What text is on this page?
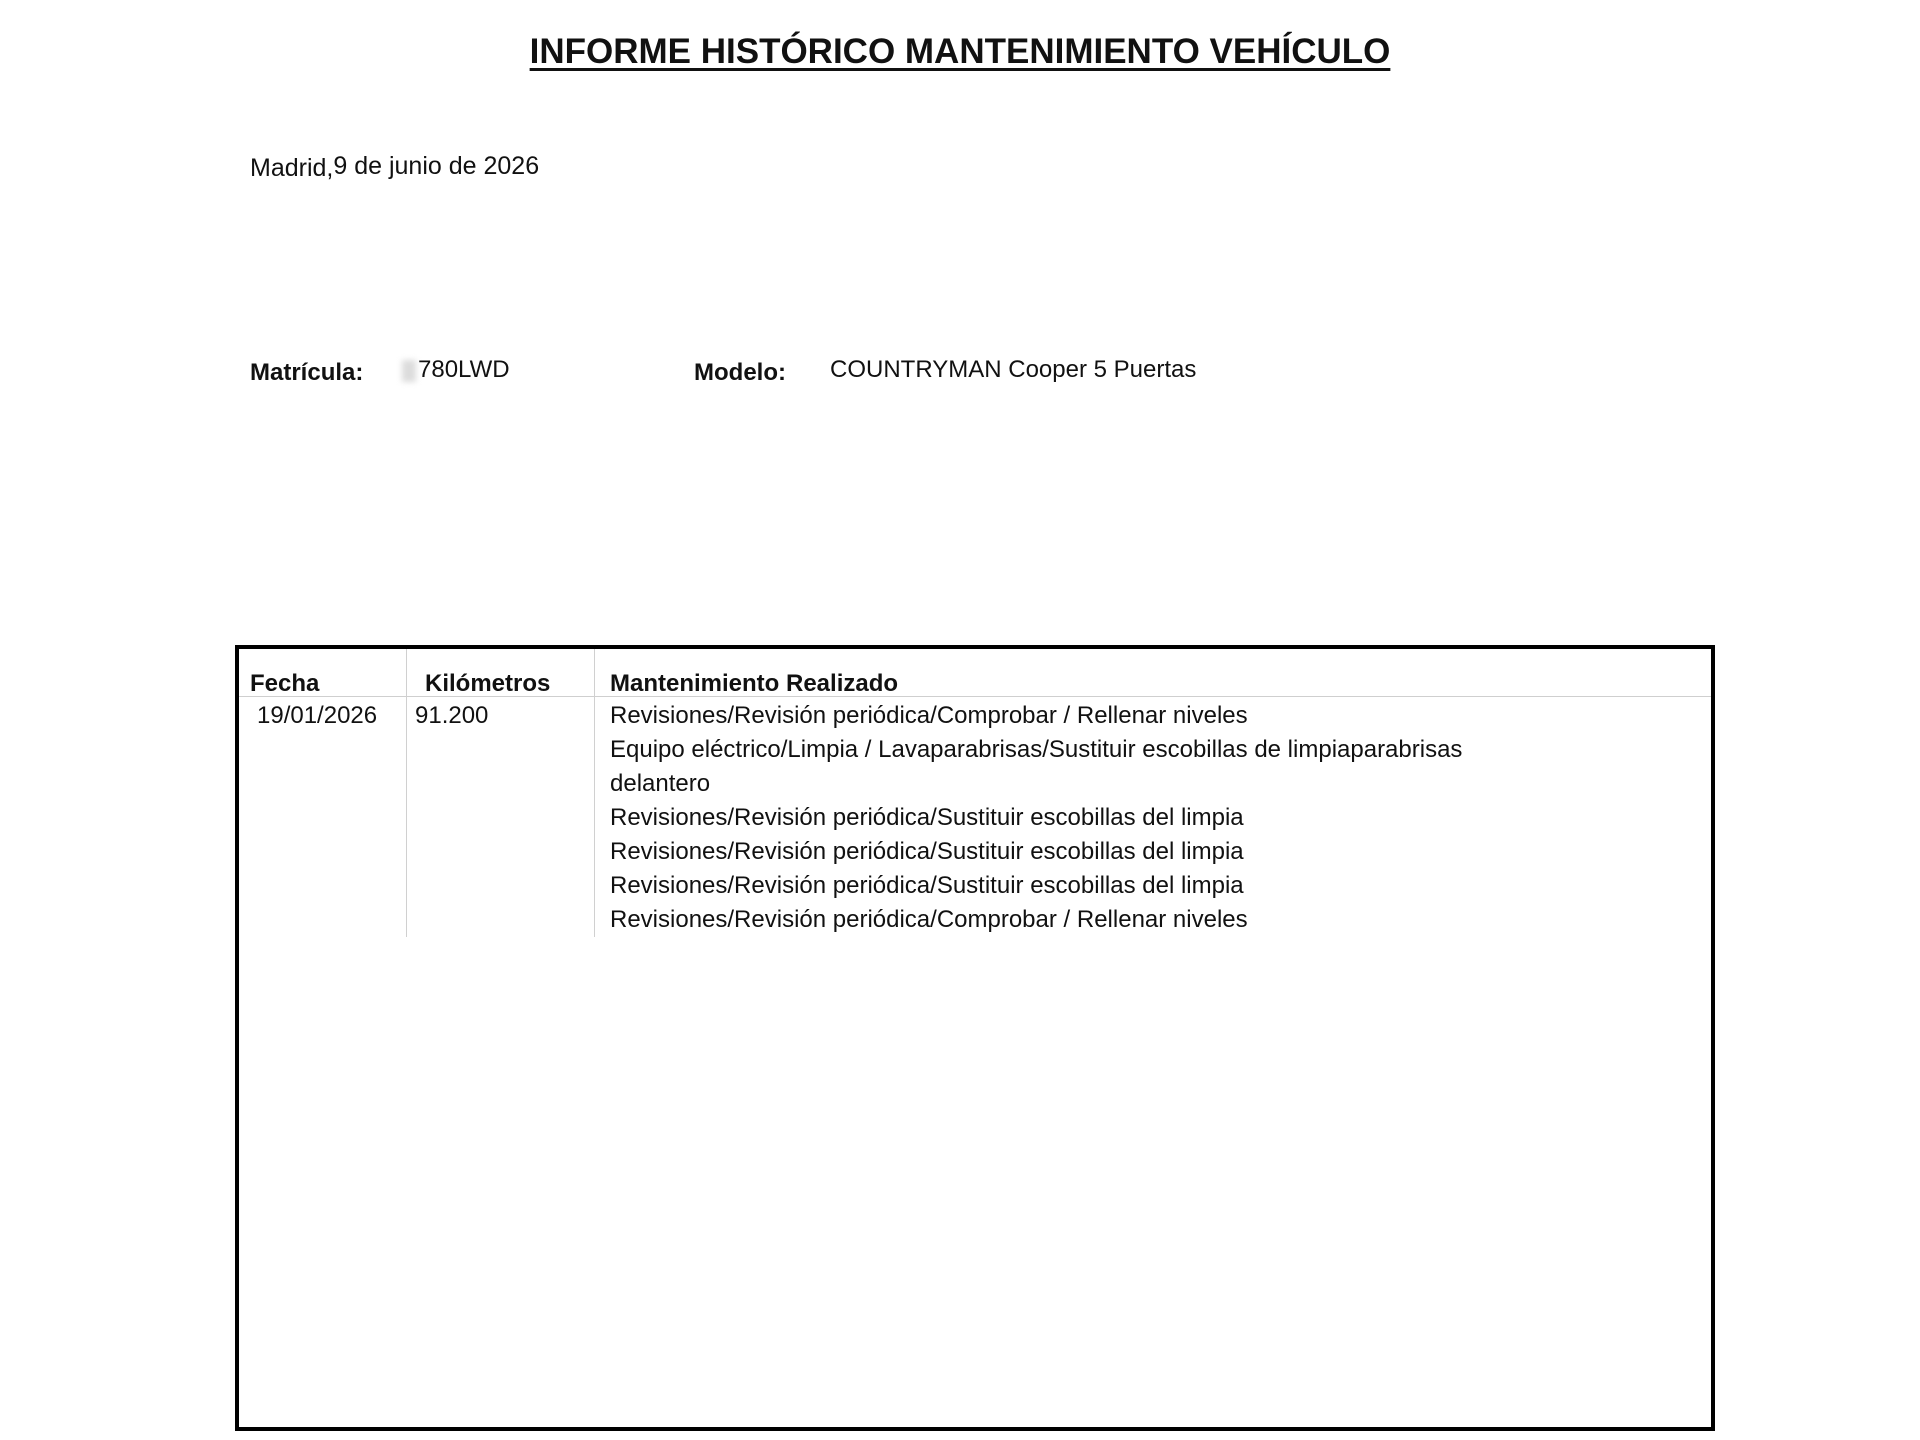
INFORME HISTÓRICO MANTENIMIENTO VEHÍCULO
Madrid,9 de junio de 2026
Matrícula:	780LWD	Modelo: COUNTRYMAN Cooper 5 Puertas
Fecha	Kilómetros Mantenimiento Realizado
19/01/2026 91.200	Revisiones/Revisión periódica/Comprobar / Rellenar niveles
Equipo eléctrico/Limpia / Lavaparabrisas/Sustituir escobillas de limpiaparabrisas
delantero
Revisiones/Revisión periódica/Sustituir escobillas del limpia
Revisiones/Revisión periódica/Sustituir escobillas del limpia
Revisiones/Revisión periódica/Sustituir escobillas del limpia
Revisiones/Revisión periódica/Comprobar / Rellenar niveles
